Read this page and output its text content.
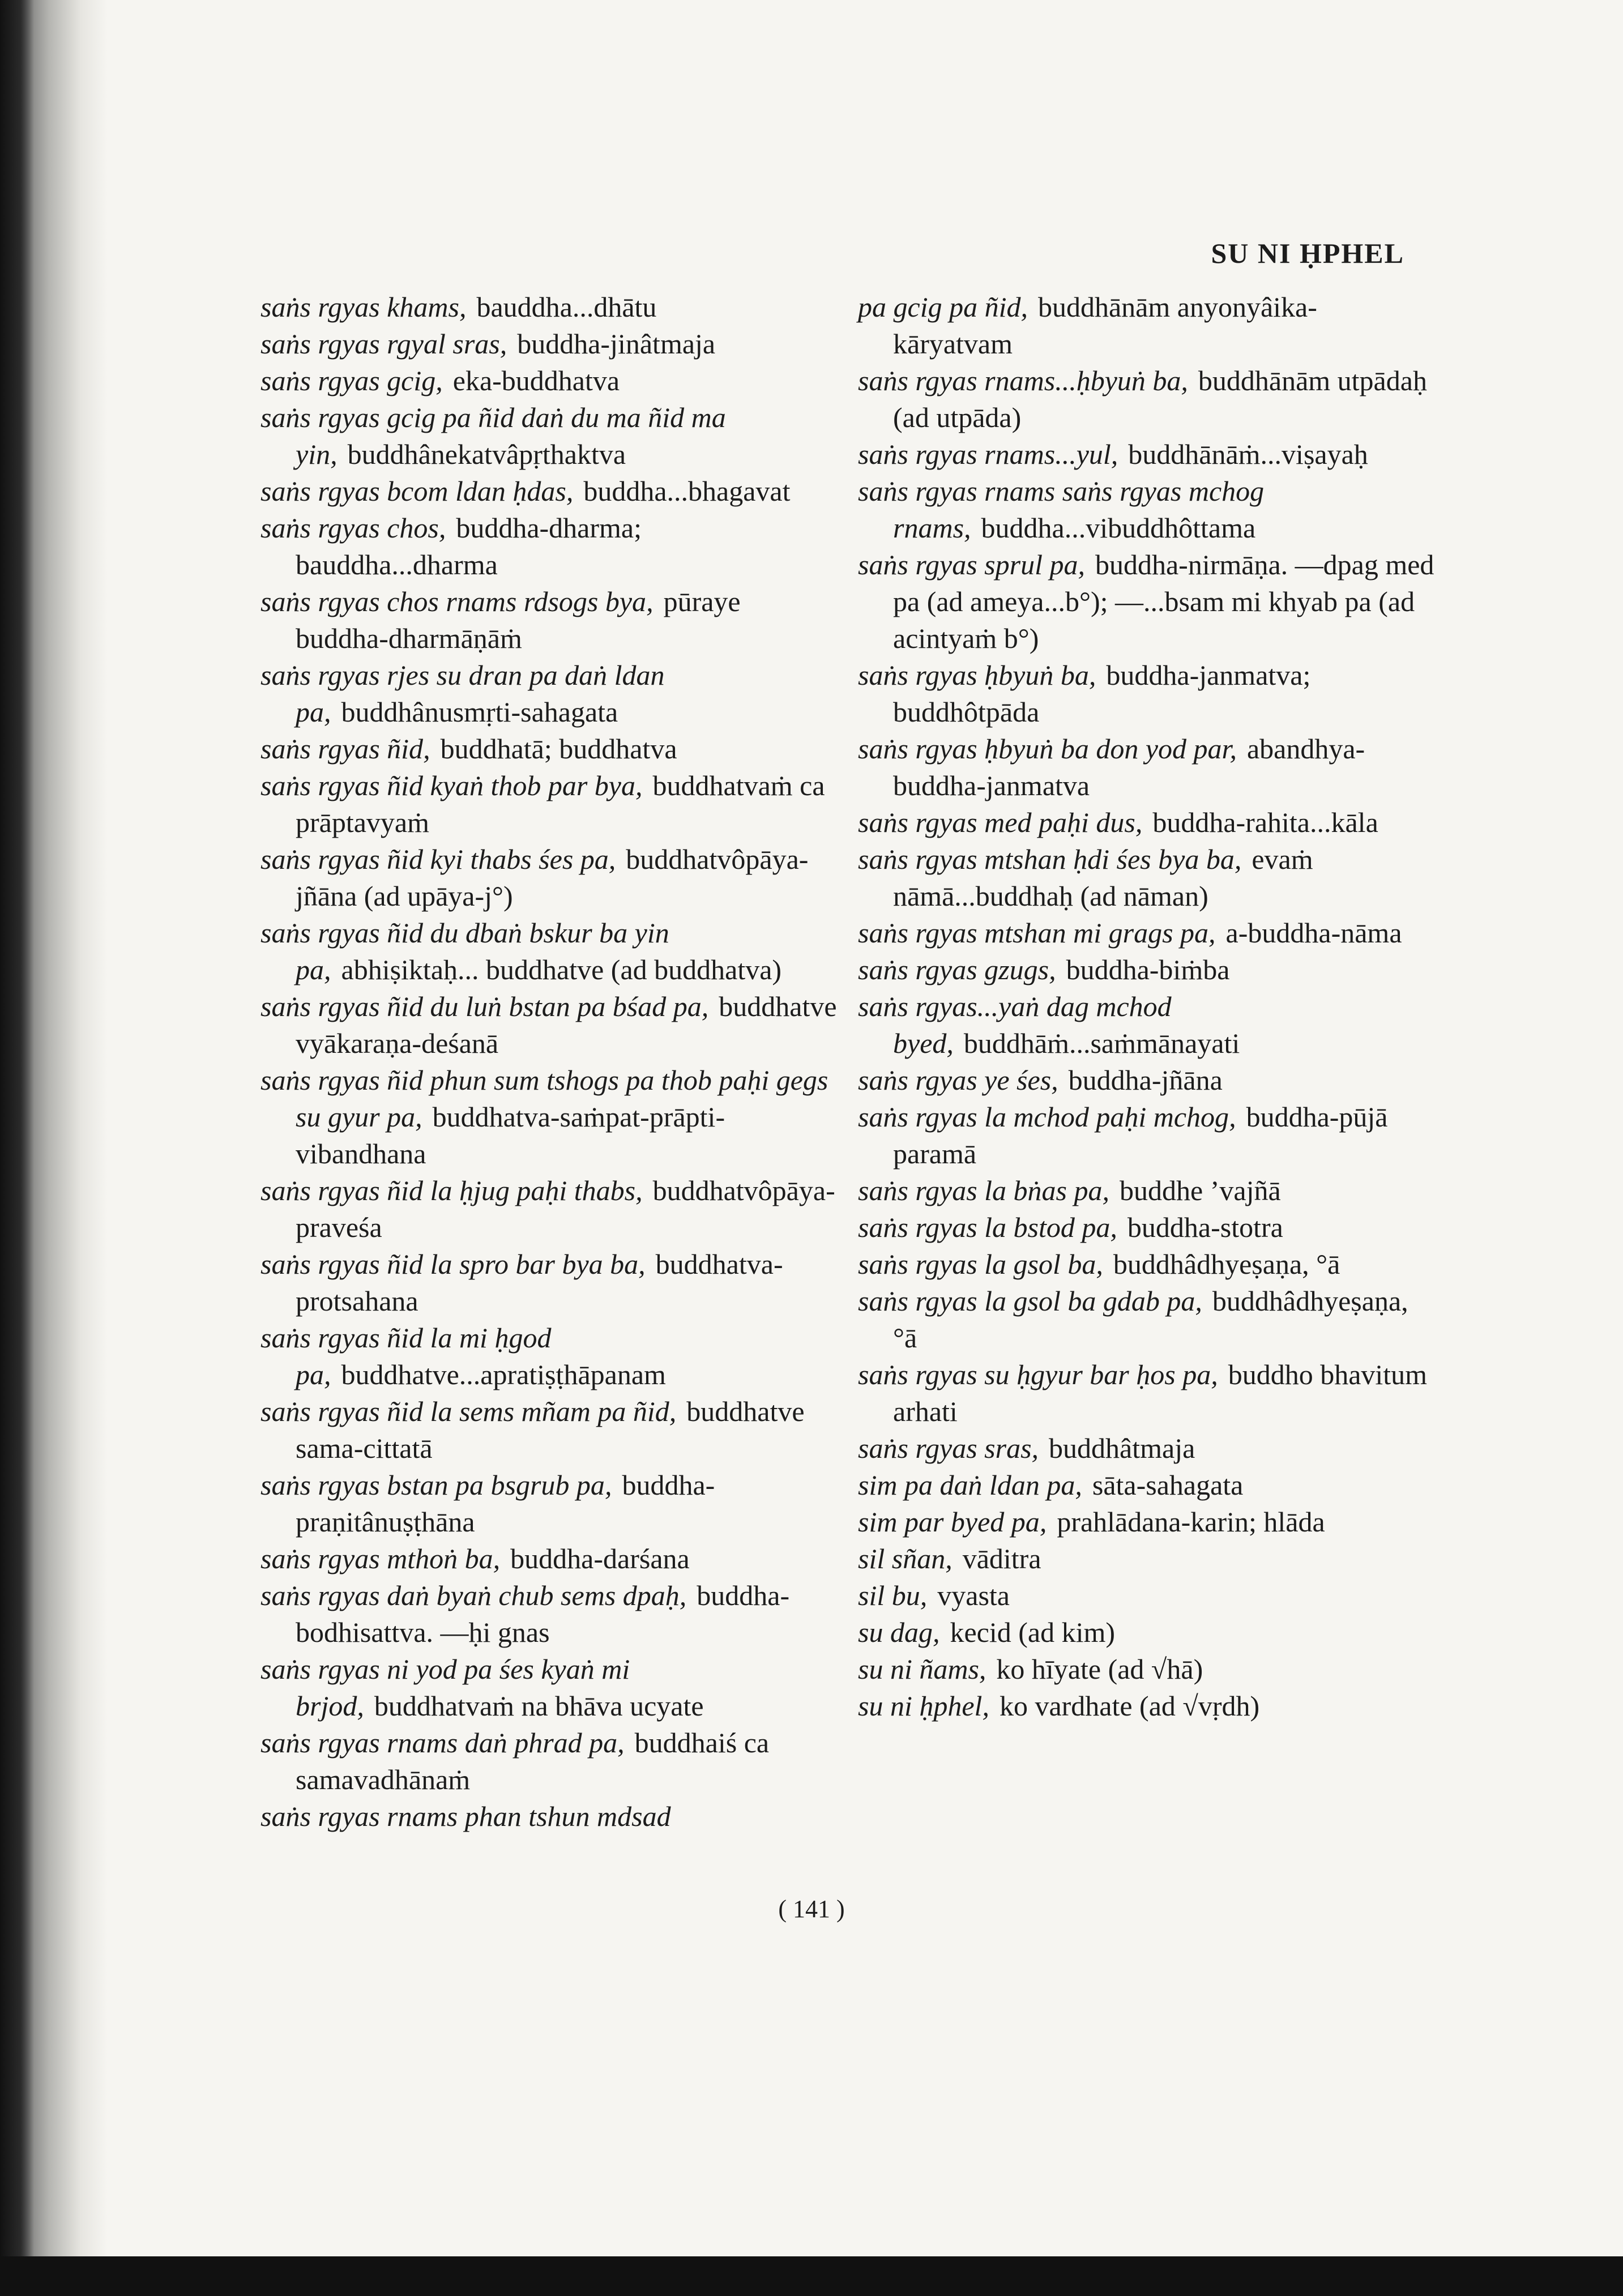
SU NI ḤPHEL

saṅs rgyas khams , bauddha...dhātu

saṅs rgyas rgyal sras , buddha-jinâtmaja

saṅs rgyas gcig , eka-buddhatva

saṅs rgyas gcig pa ñid daṅ du ma ñid ma yin , buddhânekatvâpṛthaktva

saṅs rgyas bcom ldan ḥdas , buddha...bhagavat

saṅs rgyas chos , buddha-dharma; bauddha...dharma

saṅs rgyas chos rnams rdsogs bya , pūraye buddha-dharmāṇāṁ

saṅs rgyas rjes su dran pa daṅ ldan pa , buddhânusmṛti-sahagata

saṅs rgyas ñid , buddhatā; buddhatva

saṅs rgyas ñid kyaṅ thob par bya , buddhatvaṁ ca prāptavyaṁ

saṅs rgyas ñid kyi thabs śes pa , buddhatvôpāya-jñāna (ad upāya-j°)

saṅs rgyas ñid du dbaṅ bskur ba yin pa , abhiṣiktaḥ... buddhatve (ad buddhatva)

saṅs rgyas ñid du luṅ bstan pa bśad pa , buddhatve vyākaraṇa-deśanā

saṅs rgyas ñid phun sum tshogs pa thob paḥi gegs su gyur pa , buddhatva-saṁpat-prāpti-vibandhana

saṅs rgyas ñid la ḥjug paḥi thabs , buddhatvôpāya-praveśa

saṅs rgyas ñid la spro bar bya ba , buddhatva-protsahana

saṅs rgyas ñid la mi ḥgod pa , buddhatve...apratiṣṭhāpanam

saṅs rgyas ñid la sems mñam pa ñid , buddhatve sama-cittatā

saṅs rgyas bstan pa bsgrub pa , buddha-praṇitânuṣṭhāna

saṅs rgyas mthoṅ ba , buddha-darśana

saṅs rgyas daṅ byaṅ chub sems dpaḥ , buddha-bodhisattva. —ḥi gnas

saṅs rgyas ni yod pa śes kyaṅ mi brjod , buddhatvaṁ na bhāva ucyate

saṅs rgyas rnams daṅ phrad pa , buddhaiś ca samavadhānaṁ

saṅs rgyas rnams phan tshun mdsad

pa gcig pa ñid , buddhānām anyonyâika-kāryatvam

saṅs rgyas rnams...ḥbyuṅ ba , buddhānām utpādaḥ (ad utpāda)

saṅs rgyas rnams...yul , buddhānāṁ...viṣayaḥ

saṅs rgyas rnams saṅs rgyas mchog rnams , buddha...vibuddhôttama

saṅs rgyas sprul pa , buddha-nirmāṇa. —dpag med pa (ad ameya...b°); —...bsam mi khyab pa (ad acintyaṁ b°)

saṅs rgyas ḥbyuṅ ba , buddha-janmatva; buddhôtpāda

saṅs rgyas ḥbyuṅ ba don yod par , abandhya-buddha-janmatva

saṅs rgyas med paḥi dus , buddha-rahita...kāla

saṅs rgyas mtshan ḥdi śes bya ba , evaṁ nāmā...buddhaḥ (ad nāman)

saṅs rgyas mtshan mi grags pa , a-buddha-nāma

saṅs rgyas gzugs , buddha-biṁba

saṅs rgyas...yaṅ dag mchod byed , buddhāṁ...saṁmānayati

saṅs rgyas ye śes , buddha-jñāna

saṅs rgyas la mchod paḥi mchog , buddha-pūjā paramā

saṅs rgyas la bṅas pa , buddhe ’vajñā

saṅs rgyas la bstod pa , buddha-stotra

saṅs rgyas la gsol ba , buddhâdhyeṣaṇa, °ā

saṅs rgyas la gsol ba gdab pa , buddhâdhyeṣaṇa, °ā

saṅs rgyas su ḥgyur bar ḥos pa , buddho bhavitum arhati

saṅs rgyas sras , buddhâtmaja

sim pa daṅ ldan pa , sāta-sahagata

sim par byed pa , prahlādana-karin; hlāda

sil sñan , vāditra

sil bu , vyasta

su dag , kecid (ad kim)

su ni ñams , ko hīyate (ad √hā)

su ni ḥphel , ko vardhate (ad √vṛdh)

( 141 )
